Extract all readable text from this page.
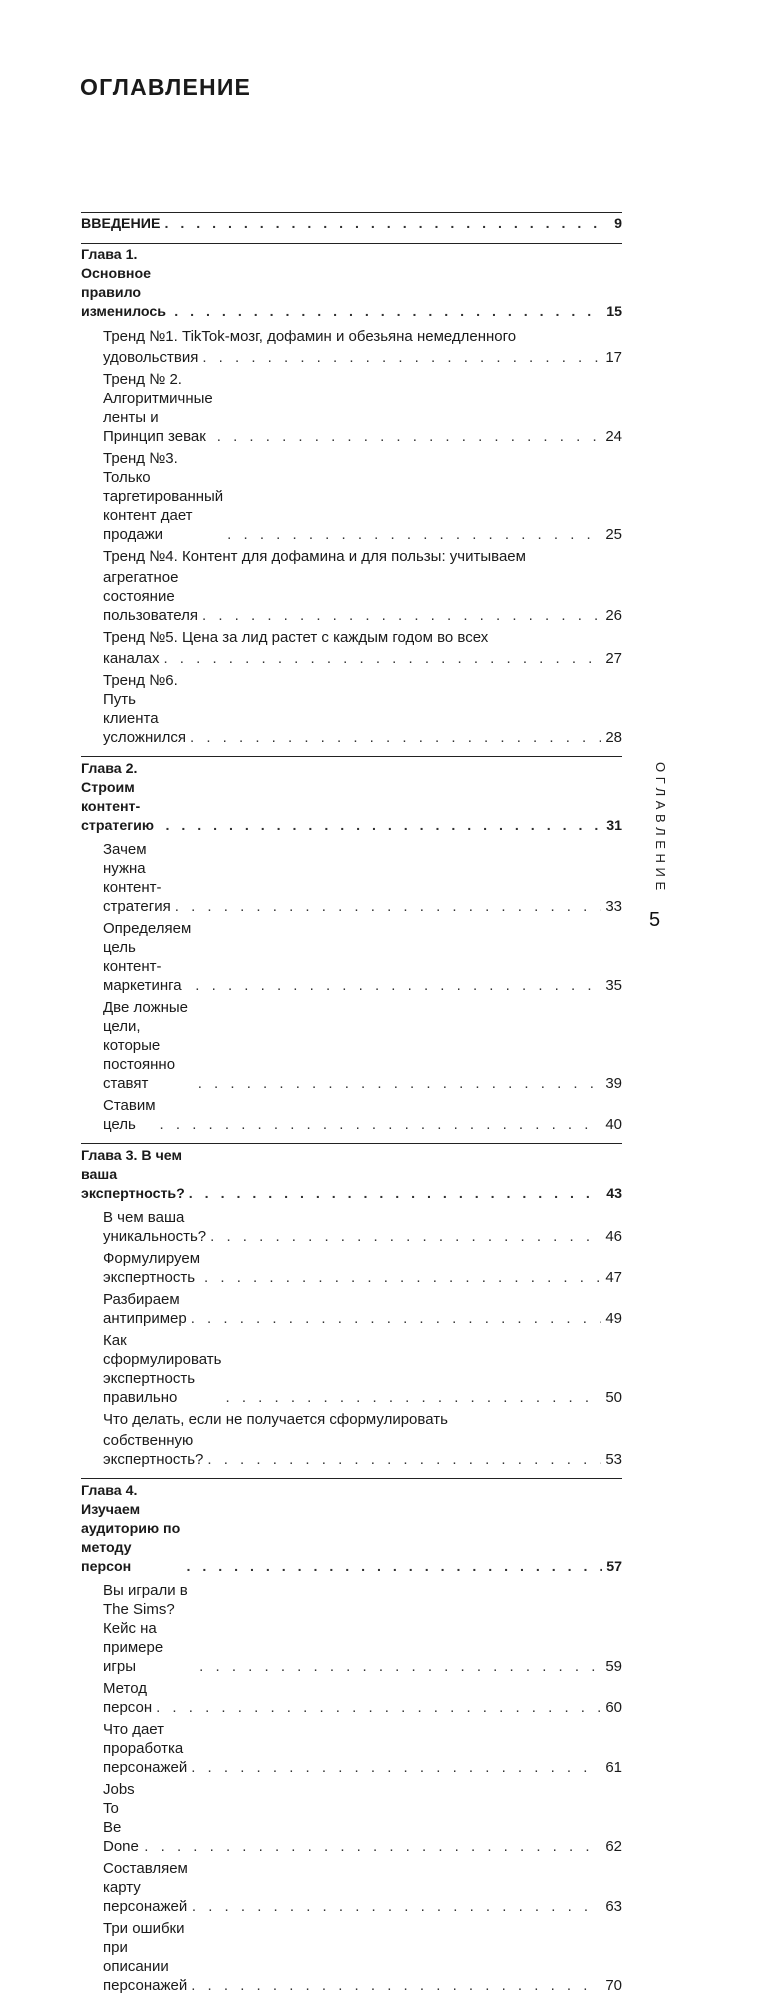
ОГЛАВЛЕНИЕ
ВВЕДЕНИЕ . . .	9
Глава 1. Основное правило изменилось . . .	15
Тренд №1. TikTok-мозг, дофамин и обезьяна немедленного
удовольствия . . .	17
Тренд № 2. Алгоритмичные ленты и Принцип зевак . . .	24
Тренд №3. Только таргетированный контент дает продажи . . .	25
Тренд №4. Контент для дофамина и для пользы: учитываем
агрегатное состояние пользователя . . .	26
Тренд №5. Цена за лид растет с каждым годом во всех
каналах . . .	27
Тренд №6. Путь клиента усложнился . . .	28
Глава 2. Строим контент-стратегию . . .	31
Зачем нужна контент-стратегия . . .	33
Определяем цель контент-маркетинга . . .	35
Две ложные цели, которые постоянно ставят . . .	39
Ставим цель . . .	40
Глава 3. В чем ваша экспертность? . . .	43
В чем ваша уникальность? . . .	46
Формулируем экспертность . . .	47
Разбираем антипример . . .	49
Как сформулировать экспертность правильно . . .	50
Что делать, если не получается сформулировать
собственную экспертность? . . .	53
Глава 4. Изучаем аудиторию по методу персон . . .	57
Вы играли в The Sims? Кейс на примере игры . . .	59
Метод персон . . .	60
Что дает проработка персонажей . . .	61
Jobs To Be Done . . .	62
Составляем карту персонажей . . .	63
Три ошибки при описании персонажей . . .	70
ОГЛАВЛЕНИЕ
5
